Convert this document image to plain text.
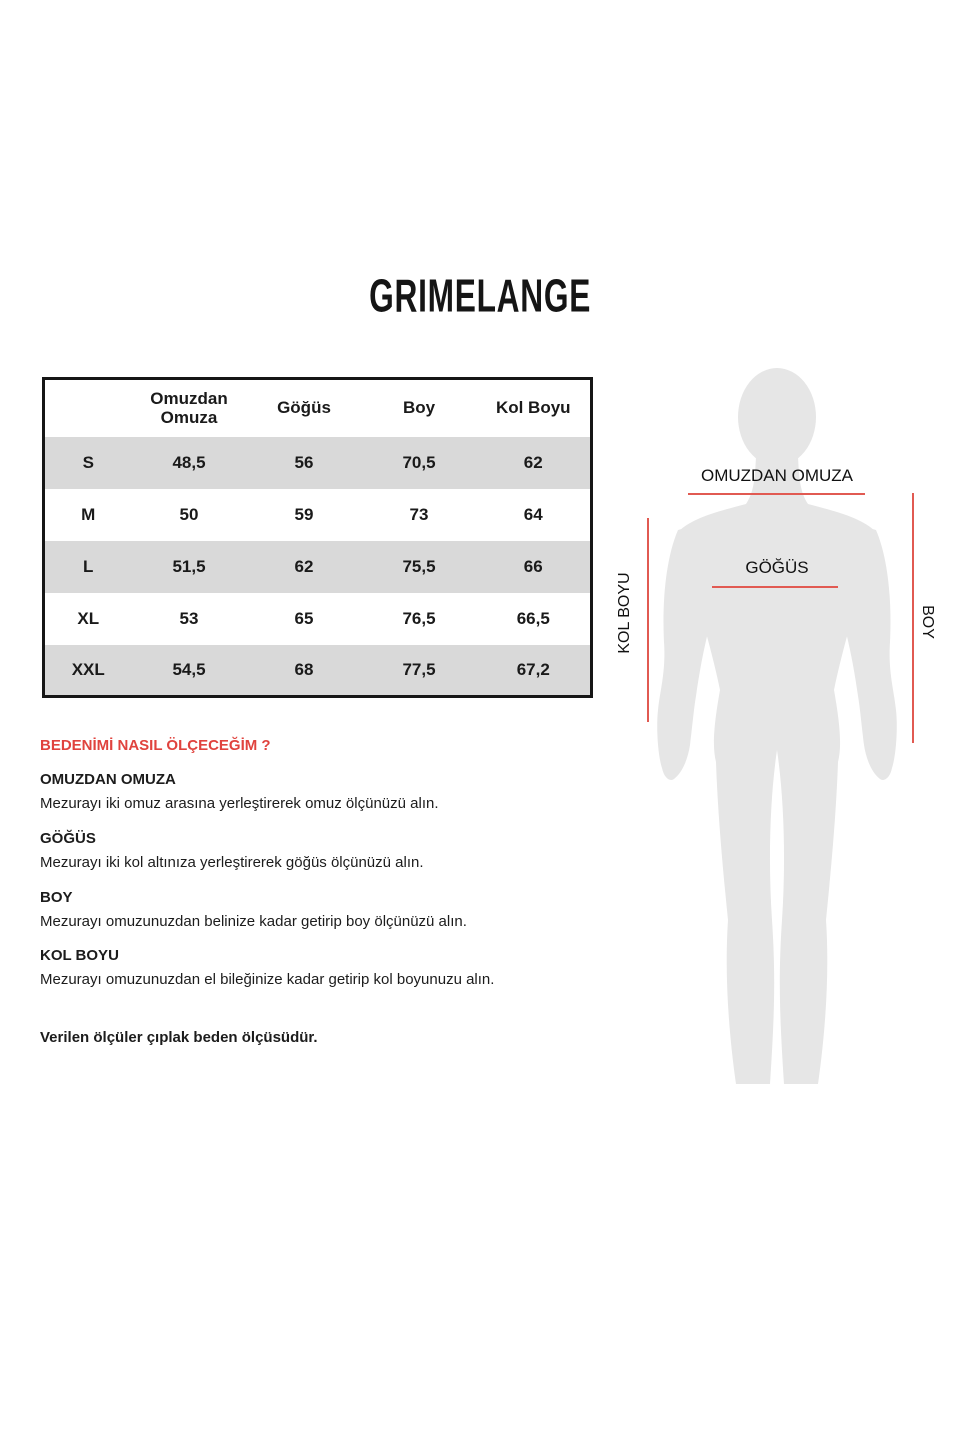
GRIMELANGE
	Omuzdan Omuza	Göğüs	Boy	Kol Boyu
S	48,5	56	70,5	62
M	50	59	73	64
L	51,5	62	75,5	66
XL	53	65	76,5	66,5
XXL	54,5	68	77,5	67,2
BEDENİMİ NASIL ÖLÇECEĞİM ?
OMUZDAN OMUZA

Mezurayı iki omuz arasına yerleştirerek omuz ölçünüzü alın.

GÖĞÜS

Mezurayı iki kol altınıza yerleştirerek göğüs ölçünüzü alın.

BOY

Mezurayı omuzunuzdan belinize kadar getirip boy ölçünüzü alın.

KOL BOYU

Mezurayı omuzunuzdan el bileğinize kadar getirip kol boyunuzu alın.

Verilen ölçüler çıplak beden ölçüsüdür.

OMUZDAN OMUZA
GÖĞÜS
KOL BOYU	BOY
